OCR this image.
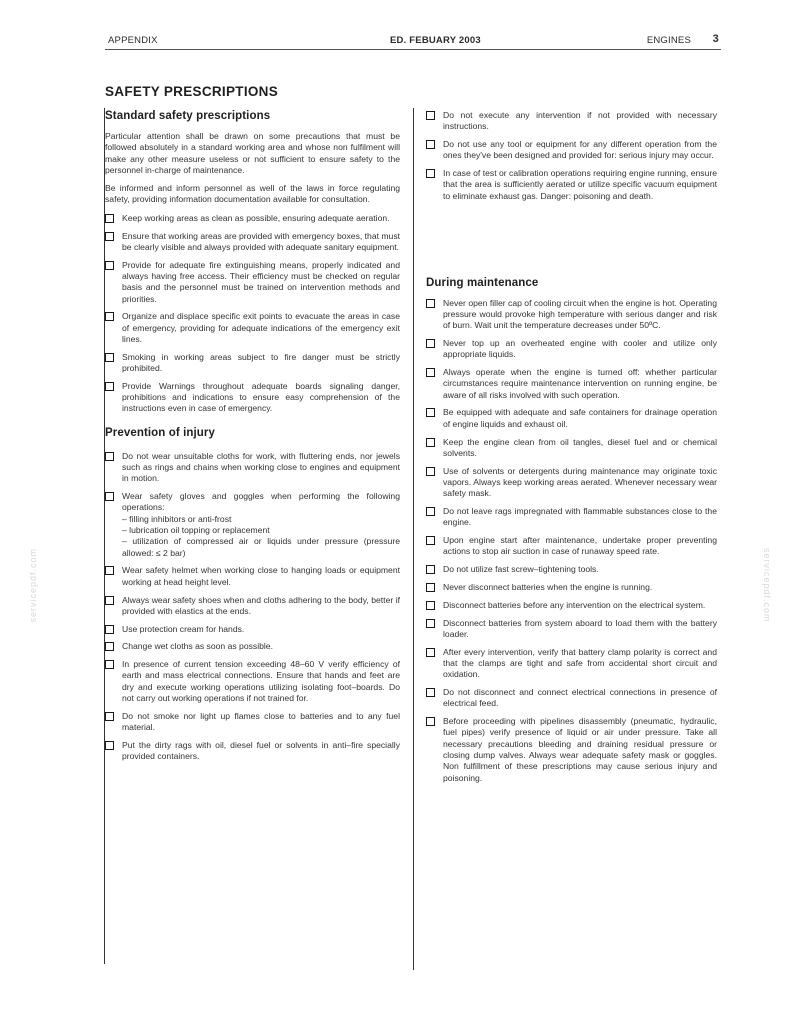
APPENDIX	ED. FEBUARY 2003	ENGINES 3
SAFETY PRESCRIPTIONS
servicepdf.com	servicepdf.com
Standard safety prescriptions

Particular attention shall be drawn on some precautions that must be followed absolutely in a standard working area and whose non fulfilment will make any other measure useless or not sufficient to ensure safety to the personnel in-charge of maintenance.

Be informed and inform personnel as well of the laws in force regulating safety, providing information documentation available for consultation.

Keep working areas as clean as possible, ensuring adequate aeration.
Ensure that working areas are provided with emergency boxes, that must be clearly visible and always provided with adequate sanitary equipment.
Provide for adequate fire extinguishing means, properly indicated and always having free access. Their efficiency must be checked on regular basis and the personnel must be trained on intervention methods and priorities.
Organize and displace specific exit points to evacuate the areas in case of emergency, providing for adequate indications of the emergency exit lines.
Smoking in working areas subject to fire danger must be strictly prohibited.
Provide Warnings throughout adequate boards signaling danger, prohibitions and indications to ensure easy comprehension of the instructions even in case of emergency.
Prevention of injury
Do not wear unsuitable cloths for work, with fluttering ends, nor jewels such as rings and chains when working close to engines and equipment in motion.
Wear safety gloves and goggles when performing the following operations:
– filling inhibitors or anti-frost
– lubrication oil topping or replacement
– utilization of compressed air or liquids under pressure (pressure allowed: ≤ 2 bar)
Wear safety helmet when working close to hanging loads or equipment working at head height level.
Always wear safety shoes when and cloths adhering to the body, better if provided with elastics at the ends.
Use protection cream for hands.
Change wet cloths as soon as possible.
In presence of current tension exceeding 48–60 V verify efficiency of earth and mass electrical connections. Ensure that hands and feet are dry and execute working operations utilizing isolating foot–boards. Do not carry out working operations if not trained for.
Do not smoke nor light up flames close to batteries and to any fuel material.
Put the dirty rags with oil, diesel fuel or solvents in anti–fire specially provided containers.
Do not execute any intervention if not provided with necessary instructions.
Do not use any tool or equipment for any different operation from the ones they've been designed and provided for: serious injury may occur.
In case of test or calibration operations requiring engine running, ensure that the area is sufficiently aerated or utilize specific vacuum equipment to eliminate exhaust gas. Danger: poisoning and death.
During maintenance
Never open filler cap of cooling circuit when the engine is hot. Operating pressure would provoke high temperature with serious danger and risk of burn. Wait unit the temperature decreases under 50ºC.
Never top up an overheated engine with cooler and utilize only appropriate liquids.
Always operate when the engine is turned off: whether particular circumstances require maintenance intervention on running engine, be aware of all risks involved with such operation.
Be equipped with adequate and safe containers for drainage operation of engine liquids and exhaust oil.
Keep the engine clean from oil tangles, diesel fuel and or chemical solvents.
Use of solvents or detergents during maintenance may originate toxic vapors. Always keep working areas aerated. Whenever necessary wear safety mask.
Do not leave rags impregnated with flammable substances close to the engine.
Upon engine start after maintenance, undertake proper preventing actions to stop air suction in case of runaway speed rate.
Do not utilize fast screw–tightening tools.
Never disconnect batteries when the engine is running.
Disconnect batteries before any intervention on the electrical system.
Disconnect batteries from system aboard to load them with the battery loader.
After every intervention, verify that battery clamp polarity is correct and that the clamps are tight and safe from accidental short circuit and oxidation.
Do not disconnect and connect electrical connections in presence of electrical feed.
Before proceeding with pipelines disassembly (pneumatic, hydraulic, fuel pipes) verify presence of liquid or air under pressure. Take all necessary precautions bleeding and draining residual pressure or closing dump valves. Always wear adequate safety mask or goggles. Non fulfillment of these prescriptions may cause serious injury and poisoning.
